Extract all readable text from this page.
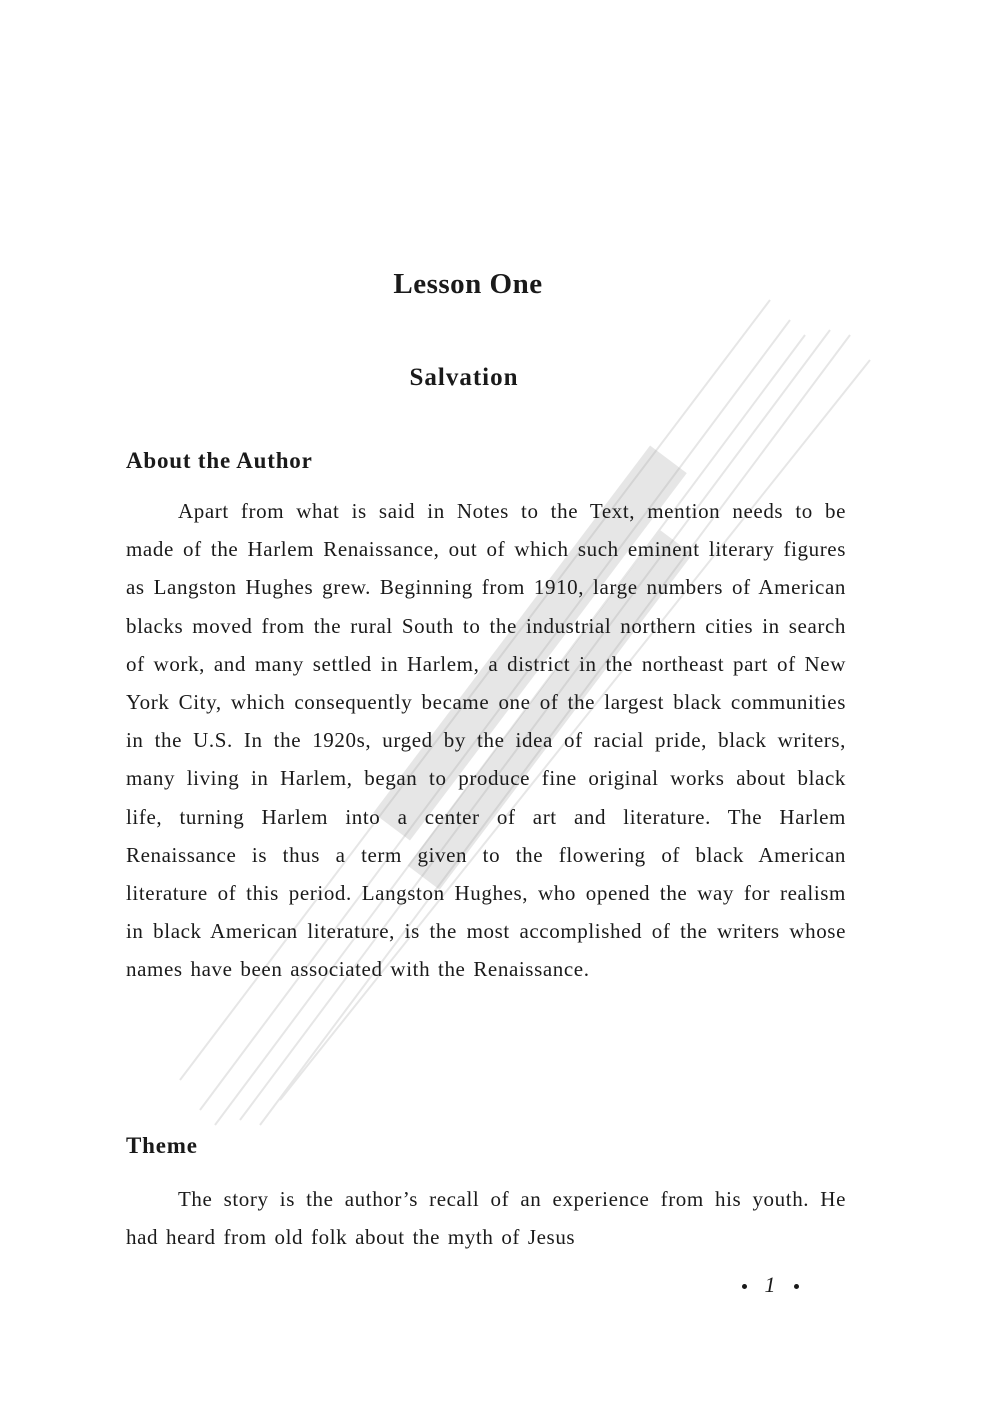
Lesson One
Salvation
About the Author

Apart from what is said in Notes to the Text, mention needs to be made of the Harlem Renaissance, out of which such eminent literary figures as Langston Hughes grew. Beginning from 1910, large numbers of American blacks moved from the rural South to the industrial northern cities in search of work, and many settled in Harlem, a district in the northeast part of New York City, which consequently became one of the largest black communities in the U.S. In the 1920s, urged by the idea of racial pride, black writers, many living in Harlem, began to produce fine original works about black life, turning Harlem into a center of art and literature. The Harlem Renaissance is thus a term given to the flowering of black American literature of this period. Langston Hughes, who opened the way for realism in black American literature, is the most accomplished of the writers whose names have been associated with the Renaissance.

Theme

The story is the author’s recall of an experience from his youth. He had heard from old folk about the myth of Jesus

1
